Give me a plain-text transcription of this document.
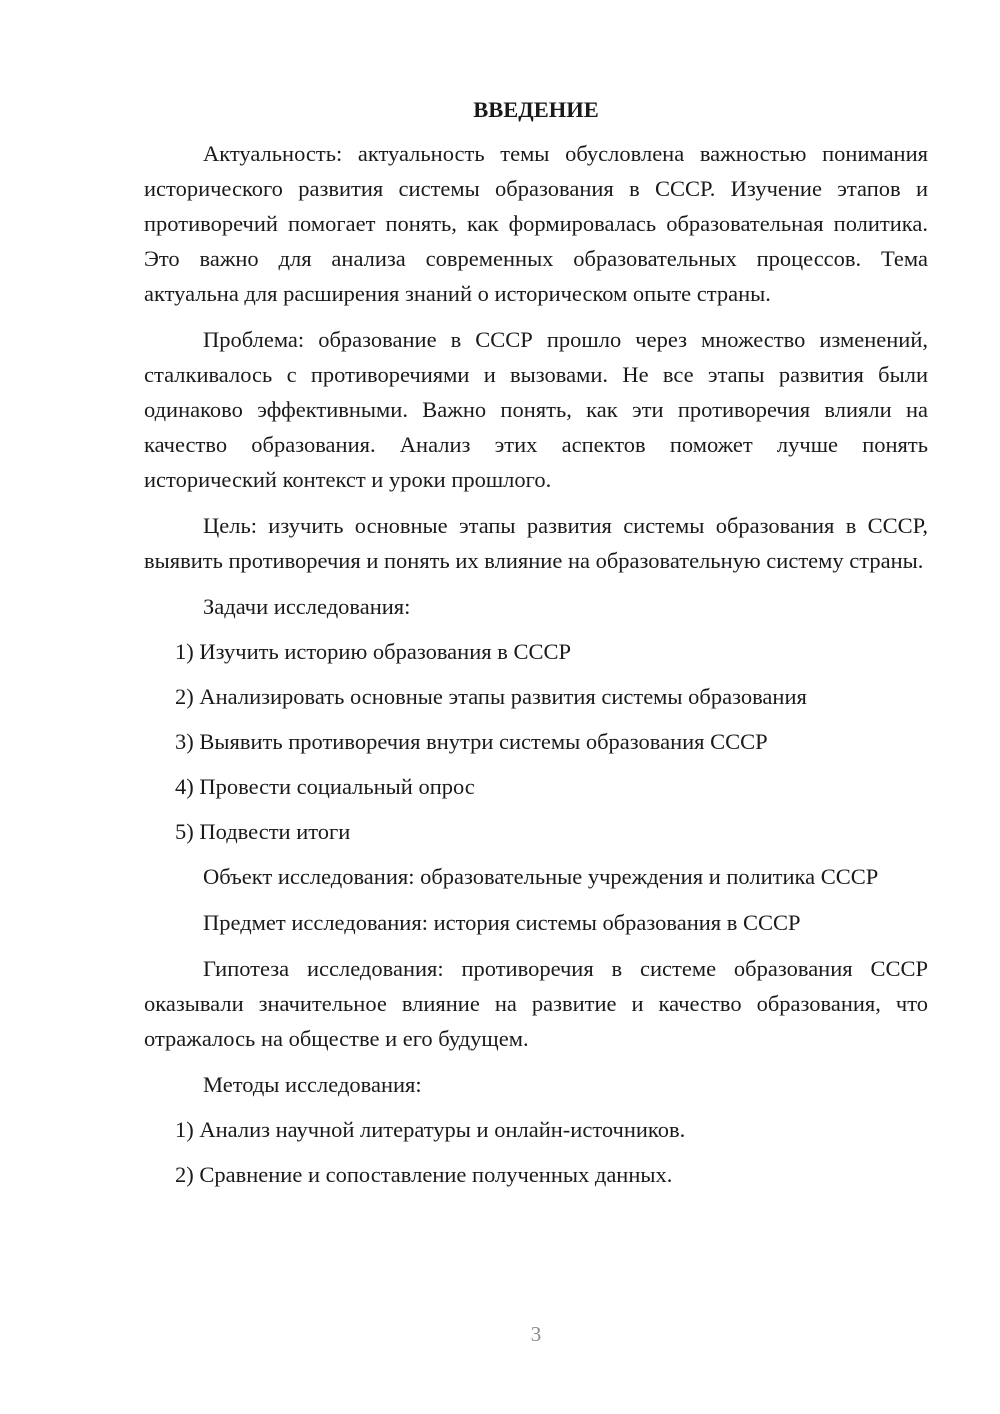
ВВЕДЕНИЕ

Актуальность: актуальность темы обусловлена важностью понимания исторического развития системы образования в СССР. Изучение этапов и противоречий помогает понять, как формировалась образовательная политика. Это важно для анализа современных образовательных процессов. Тема актуальна для расширения знаний о историческом опыте страны.

Проблема: образование в СССР прошло через множество изменений, сталкивалось с противоречиями и вызовами. Не все этапы развития были одинаково эффективными. Важно понять, как эти противоречия влияли на качество образования. Анализ этих аспектов поможет лучше понять исторический контекст и уроки прошлого.

Цель: изучить основные этапы развития системы образования в СССР, выявить противоречия и понять их влияние на образовательную систему страны.

Задачи исследования:

1) Изучить историю образования в СССР

2) Анализировать основные этапы развития системы образования

3) Выявить противоречия внутри системы образования СССР

4) Провести социальный опрос

5) Подвести итоги

Объект исследования: образовательные учреждения и политика СССР

Предмет исследования: история системы образования в СССР

Гипотеза исследования: противоречия в системе образования СССР оказывали значительное влияние на развитие и качество образования, что отражалось на обществе и его будущем.

Методы исследования:

1) Анализ научной литературы и онлайн-источников.

2) Сравнение и сопоставление полученных данных.

3
